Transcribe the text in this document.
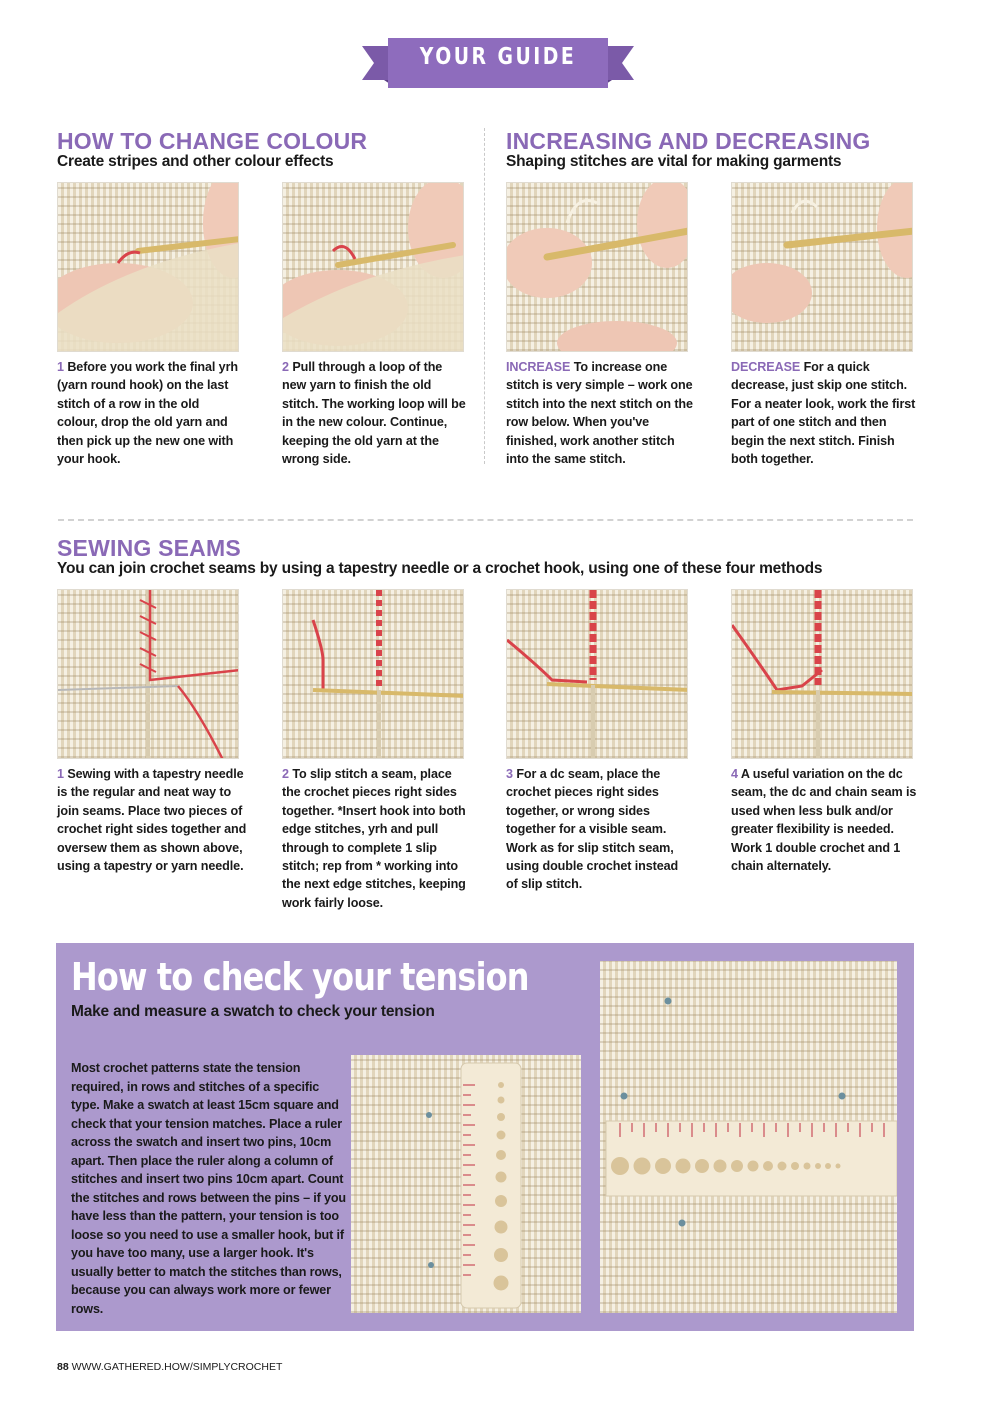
YOUR GUIDE
HOW TO CHANGE COLOUR
Create stripes and other colour effects
1 Before you work the final yrh (yarn round hook) on the last stitch of a row in the old colour, drop the old yarn and then pick up the new one with your hook.
2 Pull through a loop of the new yarn to finish the old stitch. The working loop will be in the new colour. Continue, keeping the old yarn at the wrong side.
INCREASING AND DECREASING
Shaping stitches are vital for making garments
INCREASE To increase one stitch is very simple – work one stitch into the next stitch on the row below. When you've finished, work another stitch into the same stitch.
DECREASE For a quick decrease, just skip one stitch. For a neater look, work the first part of one stitch and then begin the next stitch. Finish both together.
SEWING SEAMS
You can join crochet seams by using a tapestry needle or a crochet hook, using one of these four methods
1 Sewing with a tapestry needle is the regular and neat way to join seams. Place two pieces of crochet right sides together and oversew them as shown above, using a tapestry or yarn needle.
2 To slip stitch a seam, place the crochet pieces right sides together. *Insert hook into both edge stitches, yrh and pull through to complete 1 slip stitch; rep from * working into the next edge stitches, keeping work fairly loose.
3 For a dc seam, place the crochet pieces right sides together, or wrong sides together for a visible seam. Work as for slip stitch seam, using double crochet instead of slip stitch.
4 A useful variation on the dc seam, the dc and chain seam is used when less bulk and/or greater flexibility is needed. Work 1 double crochet and 1 chain alternately.
How to check your tension
Make and measure a swatch to check your tension
Most crochet patterns state the tension required, in rows and stitches of a specific type. Make a swatch at least 15cm square and check that your tension matches. Place a ruler across the swatch and insert two pins, 10cm apart. Then place the ruler along a column of stitches and insert two pins 10cm apart. Count the stitches and rows between the pins – if you have less than the pattern, your tension is too loose so you need to use a smaller hook, but if you have too many, use a larger hook. It's usually better to match the stitches than rows, because you can always work more or fewer rows.
88 WWW.GATHERED.HOW/SIMPLYCROCHET
